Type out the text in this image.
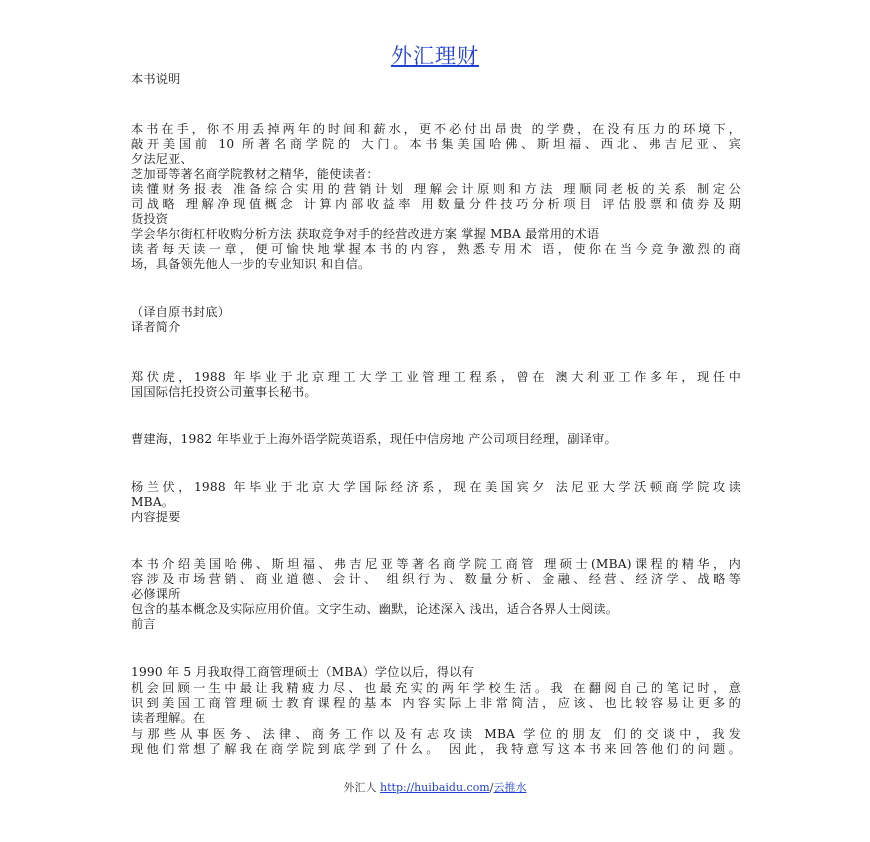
外汇理财
本书说明
本书在手，你不用丢掉两年的时间和薪水，更不必付出昂贵 的学费，在没有压力的环境下，
敲开美国前 10 所著名商学院的 大门。本书集美国哈佛、斯坦福、西北、弗吉尼亚、宾
夕法尼亚、
芝加哥等著名商学院教材之精华，能使读者：
读懂财务报表 准备综合实用的营销计划 理解会计原则和方法 理顺同老板的关系 制定公
司战略 理解净现值概念 计算内部收益率 用数量分件技巧分析项目 评估股票和债券及期
货投资
学会华尔街杠杆收购分析方法 获取竞争对手的经营改进方案 掌握 MBA 最常用的术语
读者每天读一章，便可愉快地掌握本书的内容，熟悉专用术 语，使你在当今竞争激烈的商
场，具备领先他人一步的专业知识 和自信。
（译自原书封底）
译者简介
郑伏虎，1988 年毕业于北京理工大学工业管理工程系，曾在 澳大利亚工作多年，现任中
国国际信托投资公司董事长秘书。
曹建海，1982 年毕业于上海外语学院英语系，现任中信房地 产公司项目经理，副译审。
杨兰伏，1988 年毕业于北京大学国际经济系，现在美国宾夕 法尼亚大学沃顿商学院攻读
MBA。
内容提要
本书介绍美国哈佛、斯坦福、弗吉尼亚等著名商学院工商管 理硕士(MBA)课程的精华，内
容涉及市场营销、商业道德、会计、 组织行为、数量分析、金融、经营、经济学、战略等
必修课所
包含的基本概念及实际应用价值。文字生动、幽默，论述深入 浅出，适合各界人士阅读。
前言
1990 年 5 月我取得工商管理硕士（MBA）学位以后，得以有
机会回顾一生中最让我精疲力尽、也最充实的两年学校生活。我 在翻阅自己的笔记时，意
识到美国工商管理硕士教育课程的基本 内容实际上非常简洁，应该、也比较容易让更多的
读者理解。在
与那些从事医务、法律、商务工作以及有志攻读 MBA 学位的朋友 们的交谈中，我发
现他们常想了解我在商学院到底学到了什么。 因此，我特意写这本书来回答他们的问题。
外汇人 http://huibaidu.com/云推水
